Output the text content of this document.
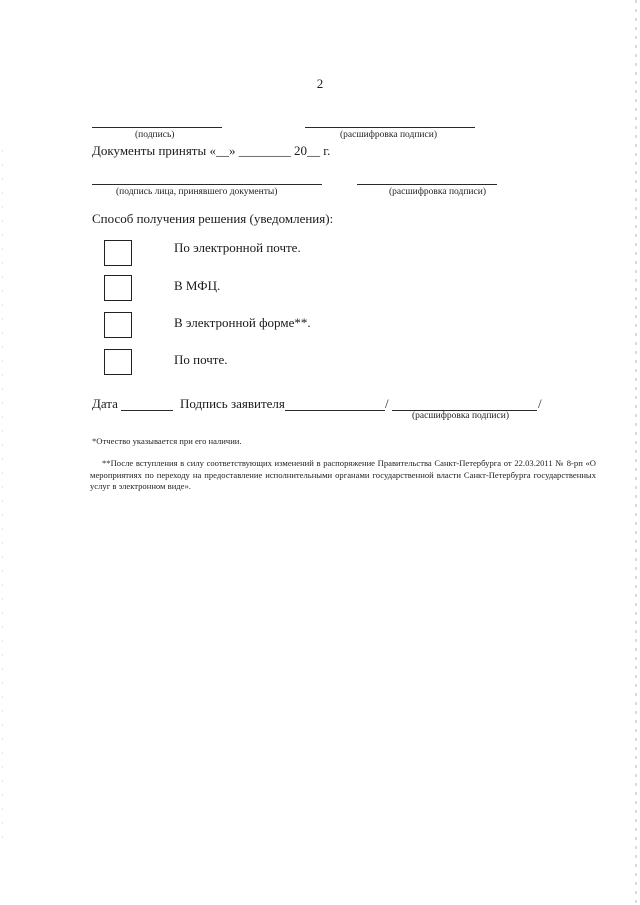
2
(подпись)	(расшифровка подписи)
Документы приняты «__» ________ 20__ г.
(подпись лица, принявшего документы)	(расшифровка подписи)
Способ получения решения (уведомления):
По электронной почте.
В МФЦ.
В электронной форме**.
По почте.
Дата	Подпись заявителя	/	/
(расшифровка подписи)
*Отчество указывается при его наличии.
**После вступления в силу соответствующих изменений в распоряжение Правительства Санкт-Петербурга от 22.03.2011 № 8-рп «О мероприятиях по переходу на предоставление исполнительными органами государственной власти Санкт-Петербурга государственных услуг в электронном виде».
